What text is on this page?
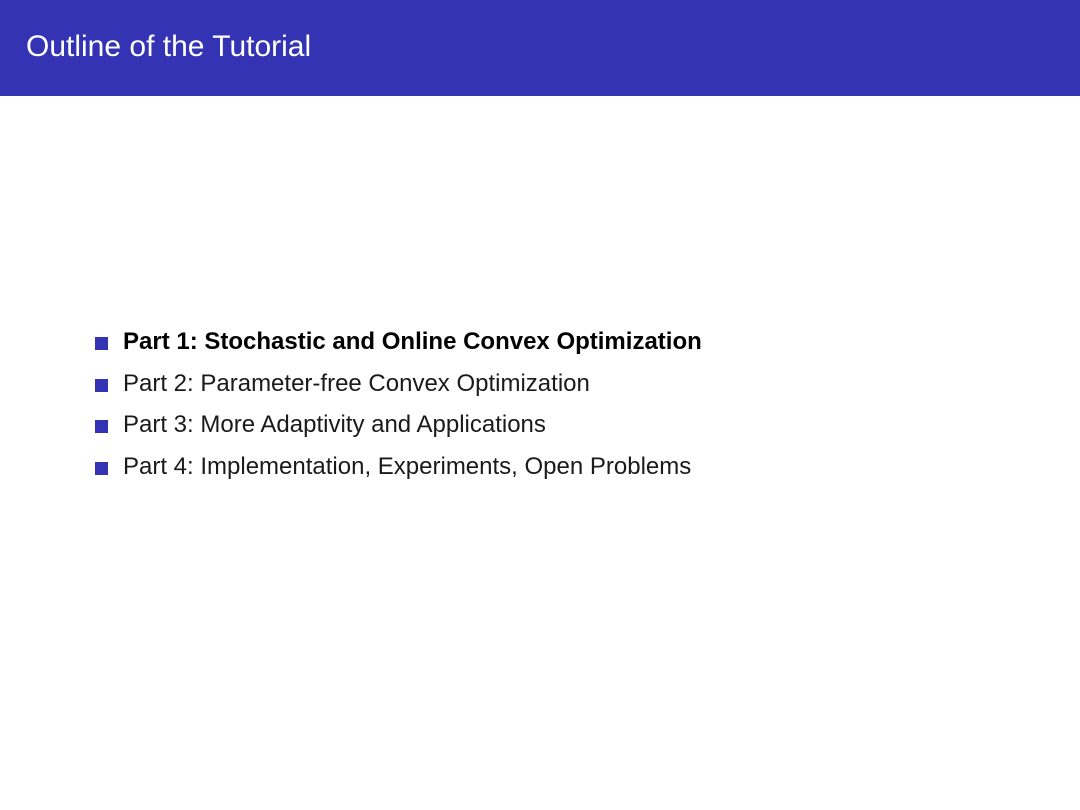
Outline of the Tutorial
Part 1: Stochastic and Online Convex Optimization
Part 2: Parameter-free Convex Optimization
Part 3: More Adaptivity and Applications
Part 4: Implementation, Experiments, Open Problems
